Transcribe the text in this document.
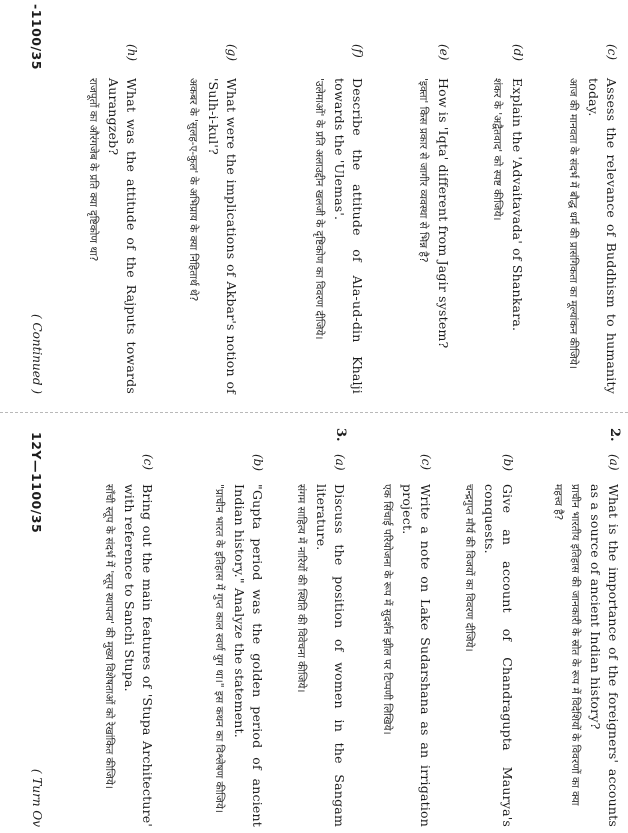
(c)

Assess the relevance of Buddhism to humanity today.

आज की मानवता के संदर्भ में बौद्ध धर्म की प्रासंगिकता का मूल्यांकन कीजिये।

(d)

Explain the 'Advaitavada' of Shankara.

शंकर के 'अद्वैतवाद' को स्पष्ट कीजिये।

(e)

How is 'Iqta' different from Jagir system?

'इक्ता' किस प्रकार से जागीर व्यवस्था से भिन्न है?

(f)

Describe the attitude of Ala-ud-din Khalji towards the 'Ulemas'.

'उलेमाओं' के प्रति अलाउद्दीन खलजी के दृष्टिकोण का विवरण दीजिये।

(g)

What were the implications of Akbar's notion of 'Sulh-i-kul'?

अकबर के 'सुलह-ए-कुल' के अभिप्राय के क्या निहितार्थ थे?

(h)

What was the attitude of the Rajputs towards Aurangzeb?

राजपूतों का औरंगजेब के प्रति क्या दृष्टिकोण था?

-1100/35
( Continued )
2.
(a)

What is the importance of the foreigners' accounts as a source of ancient Indian history?

प्राचीन भारतीय इतिहास की जानकारी के स्रोत के रूप में विदेशियों के विवरणों का क्या महत्त्व है?

(b)

Give an account of Chandragupta Maurya's conquests.

चन्द्रगुप्त मौर्य की विजयों का विवरण दीजिये।

(c)

Write a note on Lake Sudarshana as an irrigation project.

एक सिंचाई परियोजना के रूप में सुदर्शन झील पर टिप्पणी लिखिये।

3.
(a)

Discuss the position of women in the Sangam literature.

संगम साहित्य में नारियों की स्थिति की विवेचना कीजिये।

(b)

"Gupta period was the golden period of ancient Indian history." Analyze the statement.

"प्राचीन भारत के इतिहास में गुप्त काल स्वर्ण युग था।" इस कथन का विश्लेषण कीजिये।

(c)

Bring out the main features of 'Stupa Architecture' with reference to Sanchi Stupa.

साँची स्तूप के संदर्भ में 'स्तूप स्थापत्य' की मुख्य विशेषताओं को रेखांकित कीजिये।

12Y—1100/35
( Turn Ov
